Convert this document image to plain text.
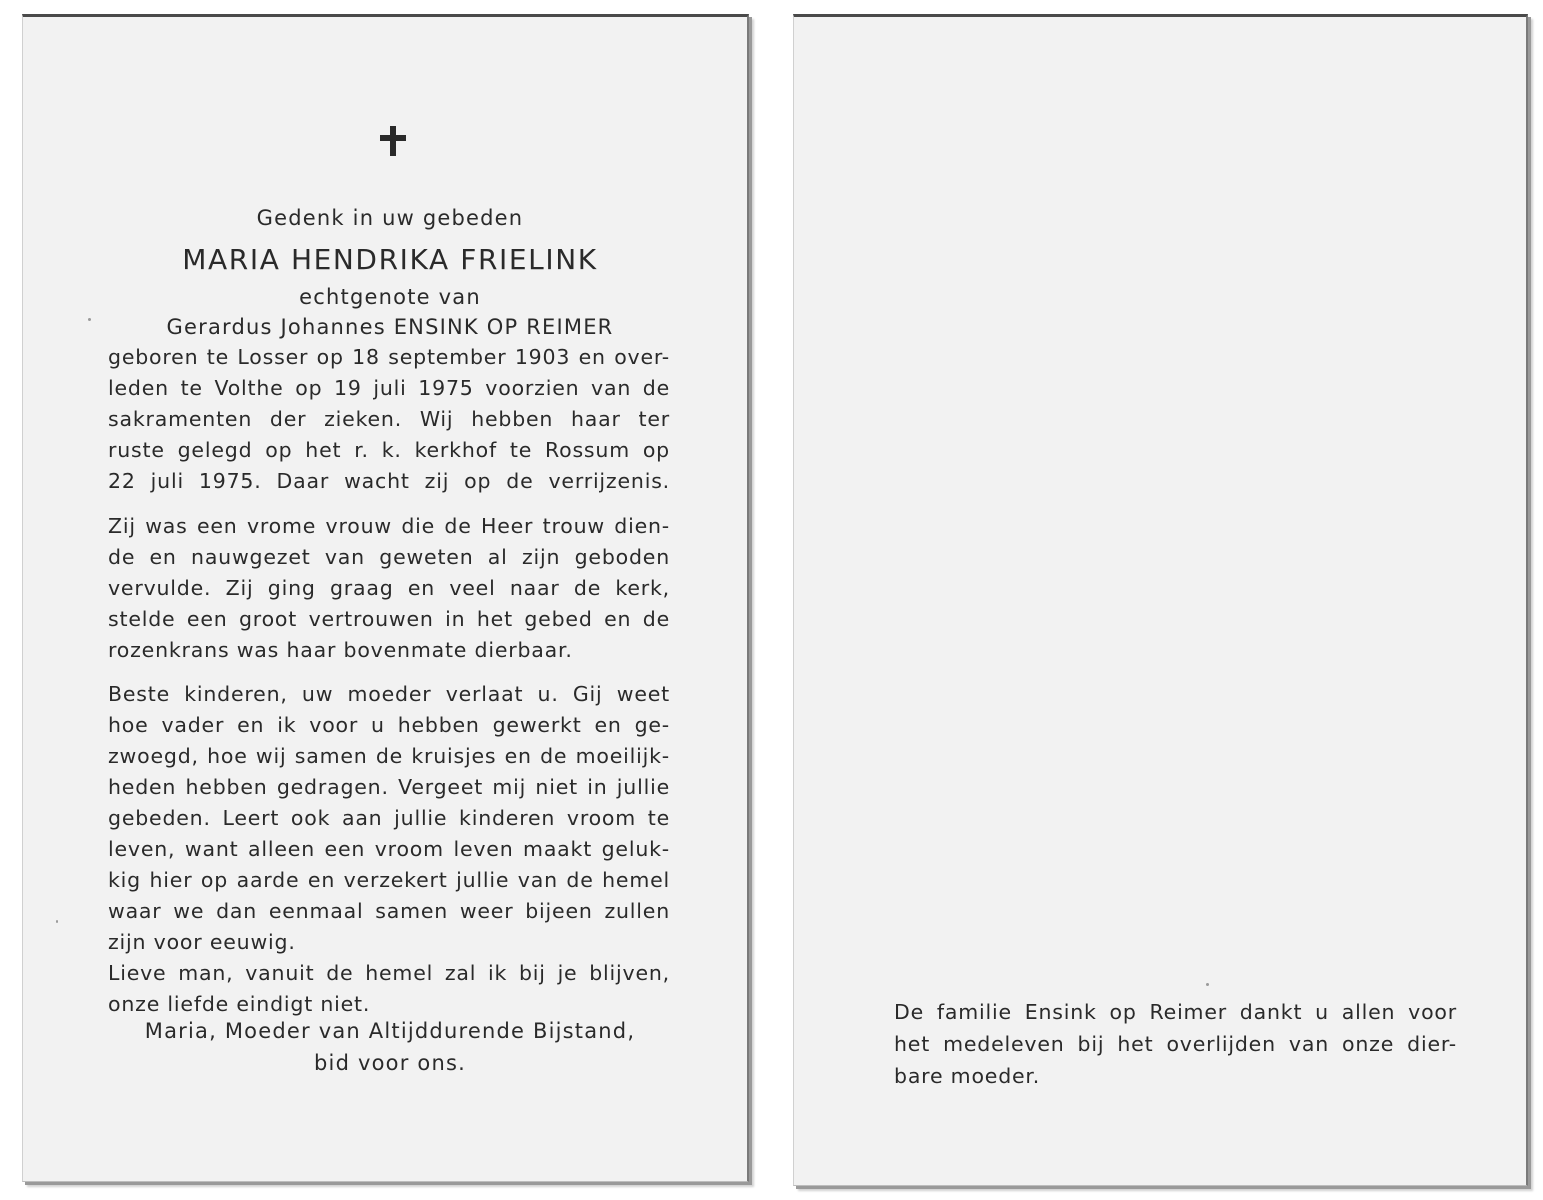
Gedenk in uw gebeden
MARIA HENDRIKA FRIELINK
echtgenote van
Gerardus Johannes ENSINK OP REIMER
geboren te Losser op 18 september 1903 en over-
leden te Volthe op 19 juli 1975 voorzien van de
sakramenten der zieken. Wij hebben haar ter
ruste gelegd op het r. k. kerkhof te Rossum op
22 juli 1975. Daar wacht zij op de verrijzenis.
Zij was een vrome vrouw die de Heer trouw dien-
de en nauwgezet van geweten al zijn geboden
vervulde. Zij ging graag en veel naar de kerk,
stelde een groot vertrouwen in het gebed en de
rozenkrans was haar bovenmate dierbaar.
Beste kinderen, uw moeder verlaat u. Gij weet
hoe vader en ik voor u hebben gewerkt en ge-
zwoegd, hoe wij samen de kruisjes en de moeilijk-
heden hebben gedragen. Vergeet mij niet in jullie
gebeden. Leert ook aan jullie kinderen vroom te
leven, want alleen een vroom leven maakt geluk-
kig hier op aarde en verzekert jullie van de hemel
waar we dan eenmaal samen weer bijeen zullen
zijn voor eeuwig.
Lieve man, vanuit de hemel zal ik bij je blijven,
onze liefde eindigt niet.
Maria, Moeder van Altijddurende Bijstand,
bid voor ons.
De familie Ensink op Reimer dankt u allen voor
het medeleven bij het overlijden van onze dier-
bare moeder.
